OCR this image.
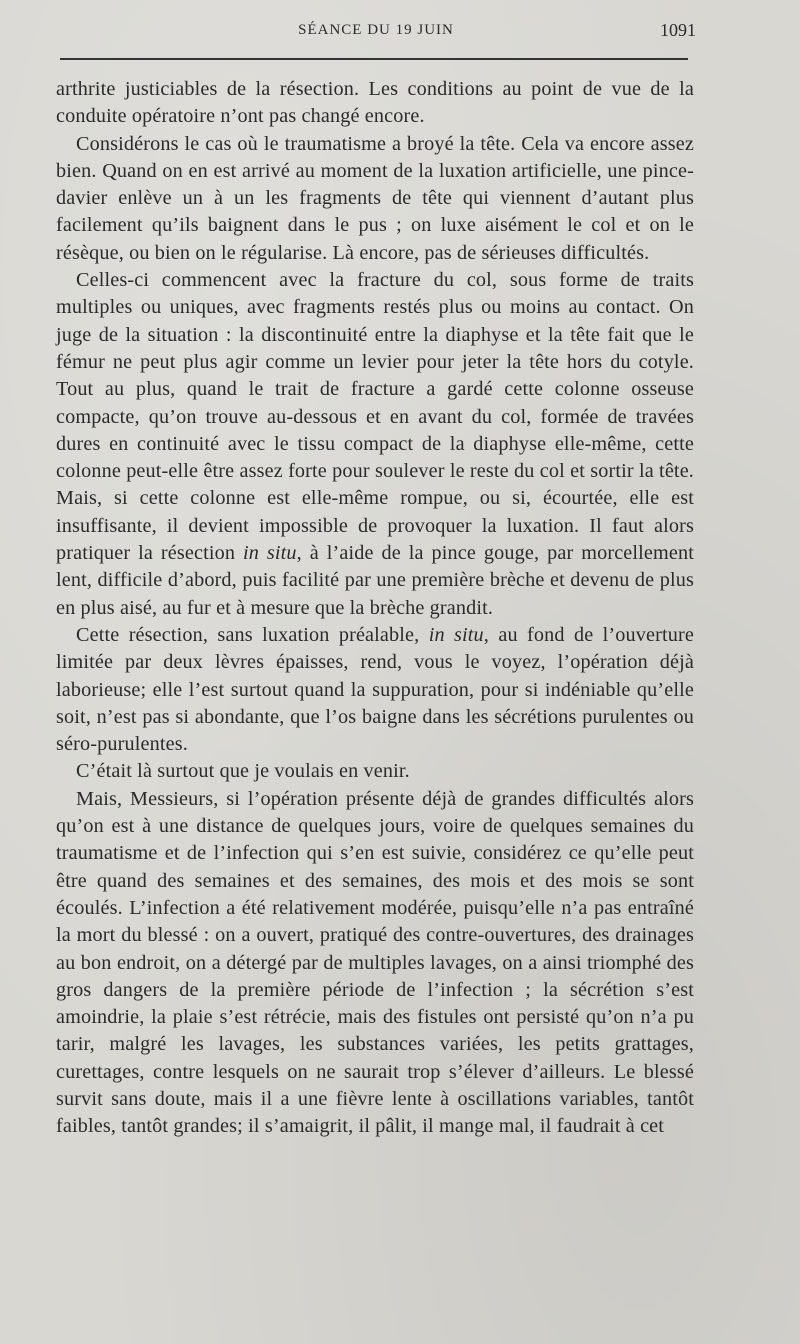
SÉANCE DU 19 JUIN	1091

arthrite justiciables de la résection. Les conditions au point de vue de la conduite opératoire n’ont pas changé encore.

Considérons le cas où le traumatisme a broyé la tête. Cela va encore assez bien. Quand on en est arrivé au moment de la luxation artificielle, une pince-davier enlève un à un les fragments de tête qui viennent d’autant plus facilement qu’ils baignent dans le pus ; on luxe aisément le col et on le résèque, ou bien on le régularise. Là encore, pas de sérieuses difficultés.

Celles-ci commencent avec la fracture du col, sous forme de traits multiples ou uniques, avec fragments restés plus ou moins au contact. On juge de la situation : la discontinuité entre la diaphyse et la tête fait que le fémur ne peut plus agir comme un levier pour jeter la tête hors du cotyle. Tout au plus, quand le trait de fracture a gardé cette colonne osseuse compacte, qu’on trouve au-dessous et en avant du col, formée de travées dures en continuité avec le tissu compact de la diaphyse elle-même, cette colonne peut-elle être assez forte pour soulever le reste du col et sortir la tête. Mais, si cette colonne est elle-même rompue, ou si, écourtée, elle est insuffisante, il devient impossible de provoquer la luxation. Il faut alors pratiquer la résection in situ, à l’aide de la pince gouge, par morcellement lent, difficile d’abord, puis facilité par une première brèche et devenu de plus en plus aisé, au fur et à mesure que la brèche grandit.

Cette résection, sans luxation préalable, in situ, au fond de l’ouverture limitée par deux lèvres épaisses, rend, vous le voyez, l’opération déjà laborieuse; elle l’est surtout quand la suppuration, pour si indéniable qu’elle soit, n’est pas si abondante, que l’os baigne dans les sécrétions purulentes ou séro-purulentes.

C’était là surtout que je voulais en venir.

Mais, Messieurs, si l’opération présente déjà de grandes difficultés alors qu’on est à une distance de quelques jours, voire de quelques semaines du traumatisme et de l’infection qui s’en est suivie, considérez ce qu’elle peut être quand des semaines et des semaines, des mois et des mois se sont écoulés. L’infection a été relativement modérée, puisqu’elle n’a pas entraîné la mort du blessé : on a ouvert, pratiqué des contre-ouvertures, des drainages au bon endroit, on a détergé par de multiples lavages, on a ainsi triomphé des gros dangers de la première période de l’infection ; la sécrétion s’est amoindrie, la plaie s’est rétrécie, mais des fistules ont persisté qu’on n’a pu tarir, malgré les lavages, les substances variées, les petits grattages, curettages, contre lesquels on ne saurait trop s’élever d’ailleurs. Le blessé survit sans doute, mais il a une fièvre lente à oscillations variables, tantôt faibles, tantôt grandes; il s’amaigrit, il pâlit, il mange mal, il faudrait à cet
